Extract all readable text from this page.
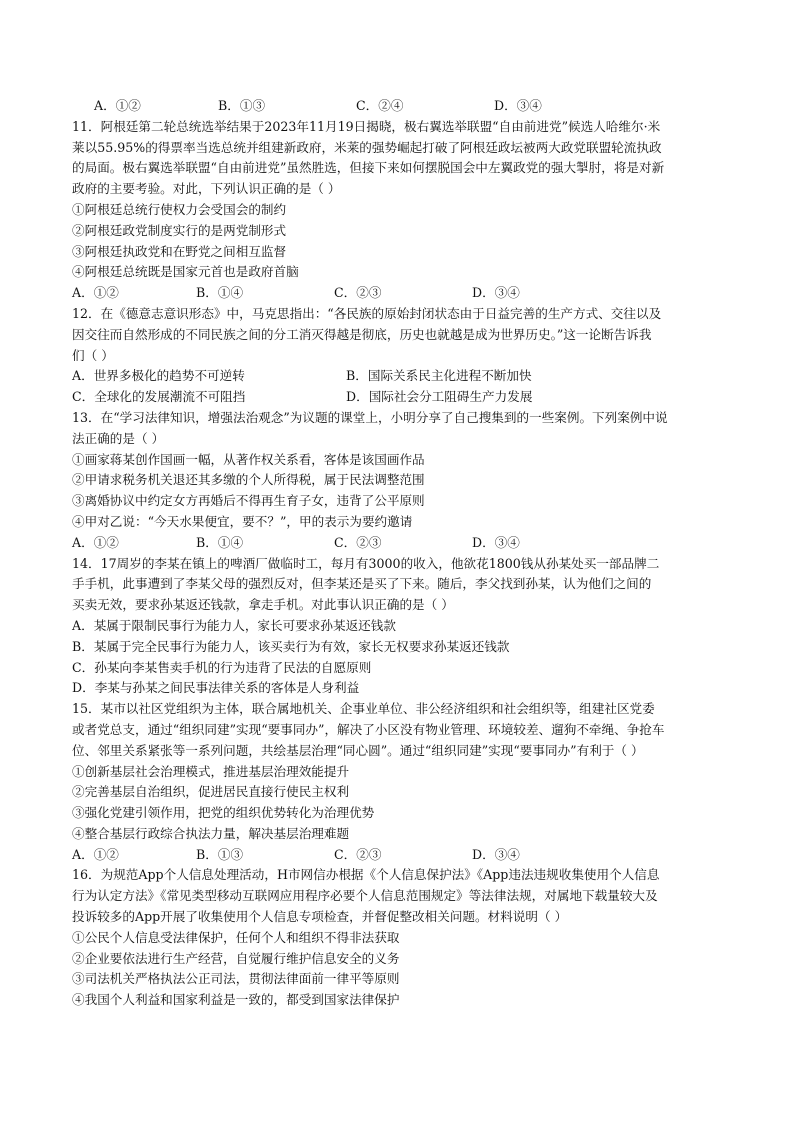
A．①②	B．①③	C．②④	D．③④
11．阿根廷第二轮总统选举结果于2023年11月19日揭晓，极右翼选举联盟“自由前进党”候选人哈维尔·米
莱以55.95%的得票率当选总统并组建新政府，米莱的强势崛起打破了阿根廷政坛被两大政党联盟轮流执政
的局面。极右翼选举联盟“自由前进党”虽然胜选，但接下来如何摆脱国会中左翼政党的强大掣肘，将是对新
政府的主要考验。对此，下列认识正确的是（ ）
①阿根廷总统行使权力会受国会的制约
②阿根廷政党制度实行的是两党制形式
③阿根廷执政党和在野党之间相互监督
④阿根廷总统既是国家元首也是政府首脑
A．①②	B．①④	C．②③	D．③④
12．在《德意志意识形态》中，马克思指出：“各民族的原始封闭状态由于日益完善的生产方式、交往以及
因交往而自然形成的不同民族之间的分工消灭得越是彻底，历史也就越是成为世界历史。”这一论断告诉我
们（ ）
A．世界多极化的趋势不可逆转	B．国际关系民主化进程不断加快
C．全球化的发展潮流不可阻挡	D．国际社会分工阻碍生产力发展
13．在“学习法律知识，增强法治观念”为议题的课堂上，小明分享了自己搜集到的一些案例。下列案例中说
法正确的是（ ）
①画家蒋某创作国画一幅，从著作权关系看，客体是该国画作品
②甲请求税务机关退还其多缴的个人所得税，属于民法调整范围
③离婚协议中约定女方再婚后不得再生育子女，违背了公平原则
④甲对乙说：“今天水果便宜，要不？”，甲的表示为要约邀请
A．①②	B．①④	C．②③	D．③④
14．17周岁的李某在镇上的啤酒厂做临时工，每月有3000的收入，他欲花1800钱从孙某处买一部品牌二
手手机，此事遭到了李某父母的强烈反对，但李某还是买了下来。随后，李父找到孙某，认为他们之间的
买卖无效，要求孙某返还钱款，拿走手机。对此事认识正确的是（ ）
A．某属于限制民事行为能力人，家长可要求孙某返还钱款
B．某属于完全民事行为能力人，该买卖行为有效，家长无权要求孙某返还钱款
C．孙某向李某售卖手机的行为违背了民法的自愿原则
D．李某与孙某之间民事法律关系的客体是人身利益
15．某市以社区党组织为主体，联合属地机关、企事业单位、非公经济组织和社会组织等，组建社区党委
或者党总支，通过“组织同建”实现“要事同办”，解决了小区没有物业管理、环境较差、遛狗不牵绳、争抢车
位、邻里关系紧张等一系列问题，共绘基层治理“同心圆”。通过“组织同建”实现“要事同办”有利于（ ）
①创新基层社会治理模式，推进基层治理效能提升
②完善基层自治组织，促进居民直接行使民主权利
③强化党建引领作用，把党的组织优势转化为治理优势
④整合基层行政综合执法力量，解决基层治理难题
A．①②	B．①③	C．②③	D．③④
16．为规范App个人信息处理活动，H市网信办根据《个人信息保护法》《App违法违规收集使用个人信息
行为认定方法》《常见类型移动互联网应用程序必要个人信息范围规定》等法律法规，对属地下载量较大及
投诉较多的App开展了收集使用个人信息专项检查，并督促整改相关问题。材料说明（ ）
①公民个人信息受法律保护，任何个人和组织不得非法获取
②企业要依法进行生产经营，自觉履行维护信息安全的义务
③司法机关严格执法公正司法，贯彻法律面前一律平等原则
④我国个人利益和国家利益是一致的，都受到国家法律保护
